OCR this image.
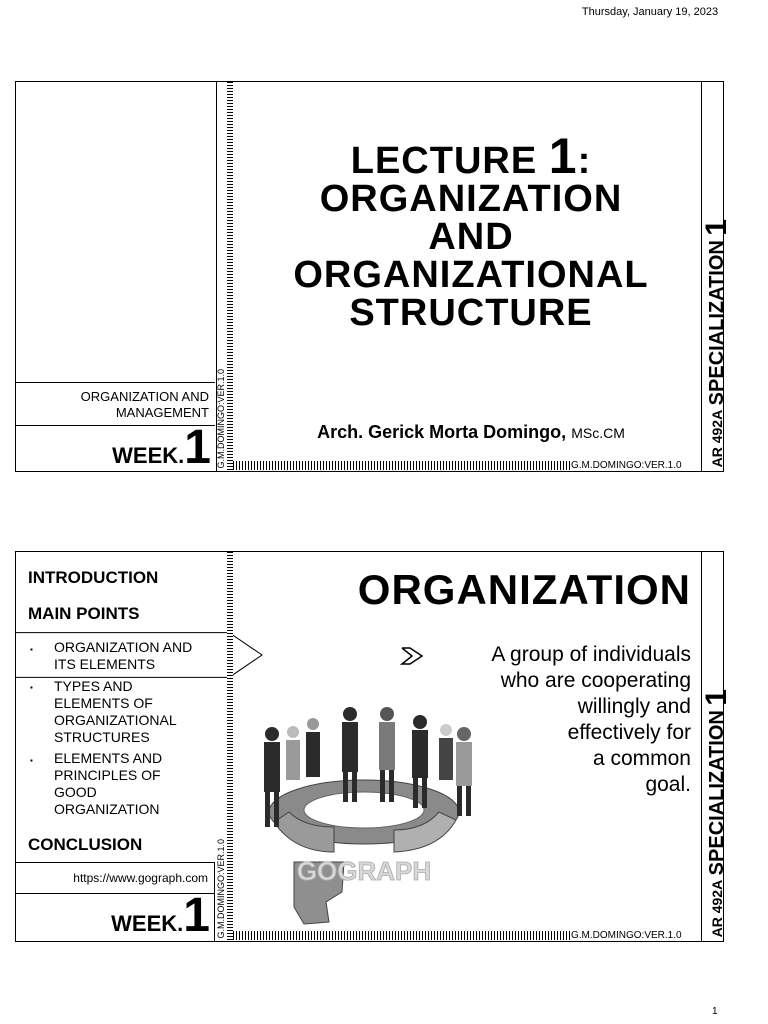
Thursday, January 19, 2023
ORGANIZATION AND
MANAGEMENT
WEEK.1 G.M.DOMINGO:VER.1.0
LECTURE 1:
ORGANIZATION
AND
ORGANIZATIONAL
STRUCTURE
Arch. Gerick Morta Domingo, MSc.CM
G.M.DOMINGO:VER.1.0	AR 492A SPECIALIZATION 1
INTRODUCTION
MAIN POINTS
▪ ORGANIZATION AND
ITS ELEMENTS
▪ TYPES AND
ELEMENTS OF
ORGANIZATIONAL
STRUCTURES
▪ ELEMENTS AND
PRINCIPLES OF
GOOD
ORGANIZATION
CONCLUSION
https://www.gograph.com
WEEK.1 G.M.DOMINGO:VER.1.0	GOGRAPH
ORGANIZATION
A group of individuals
who are cooperating
willingly and
effectively for
a common
goal.
G.M.DOMINGO:VER.1.0	AR 492A SPECIALIZATION 1
1
